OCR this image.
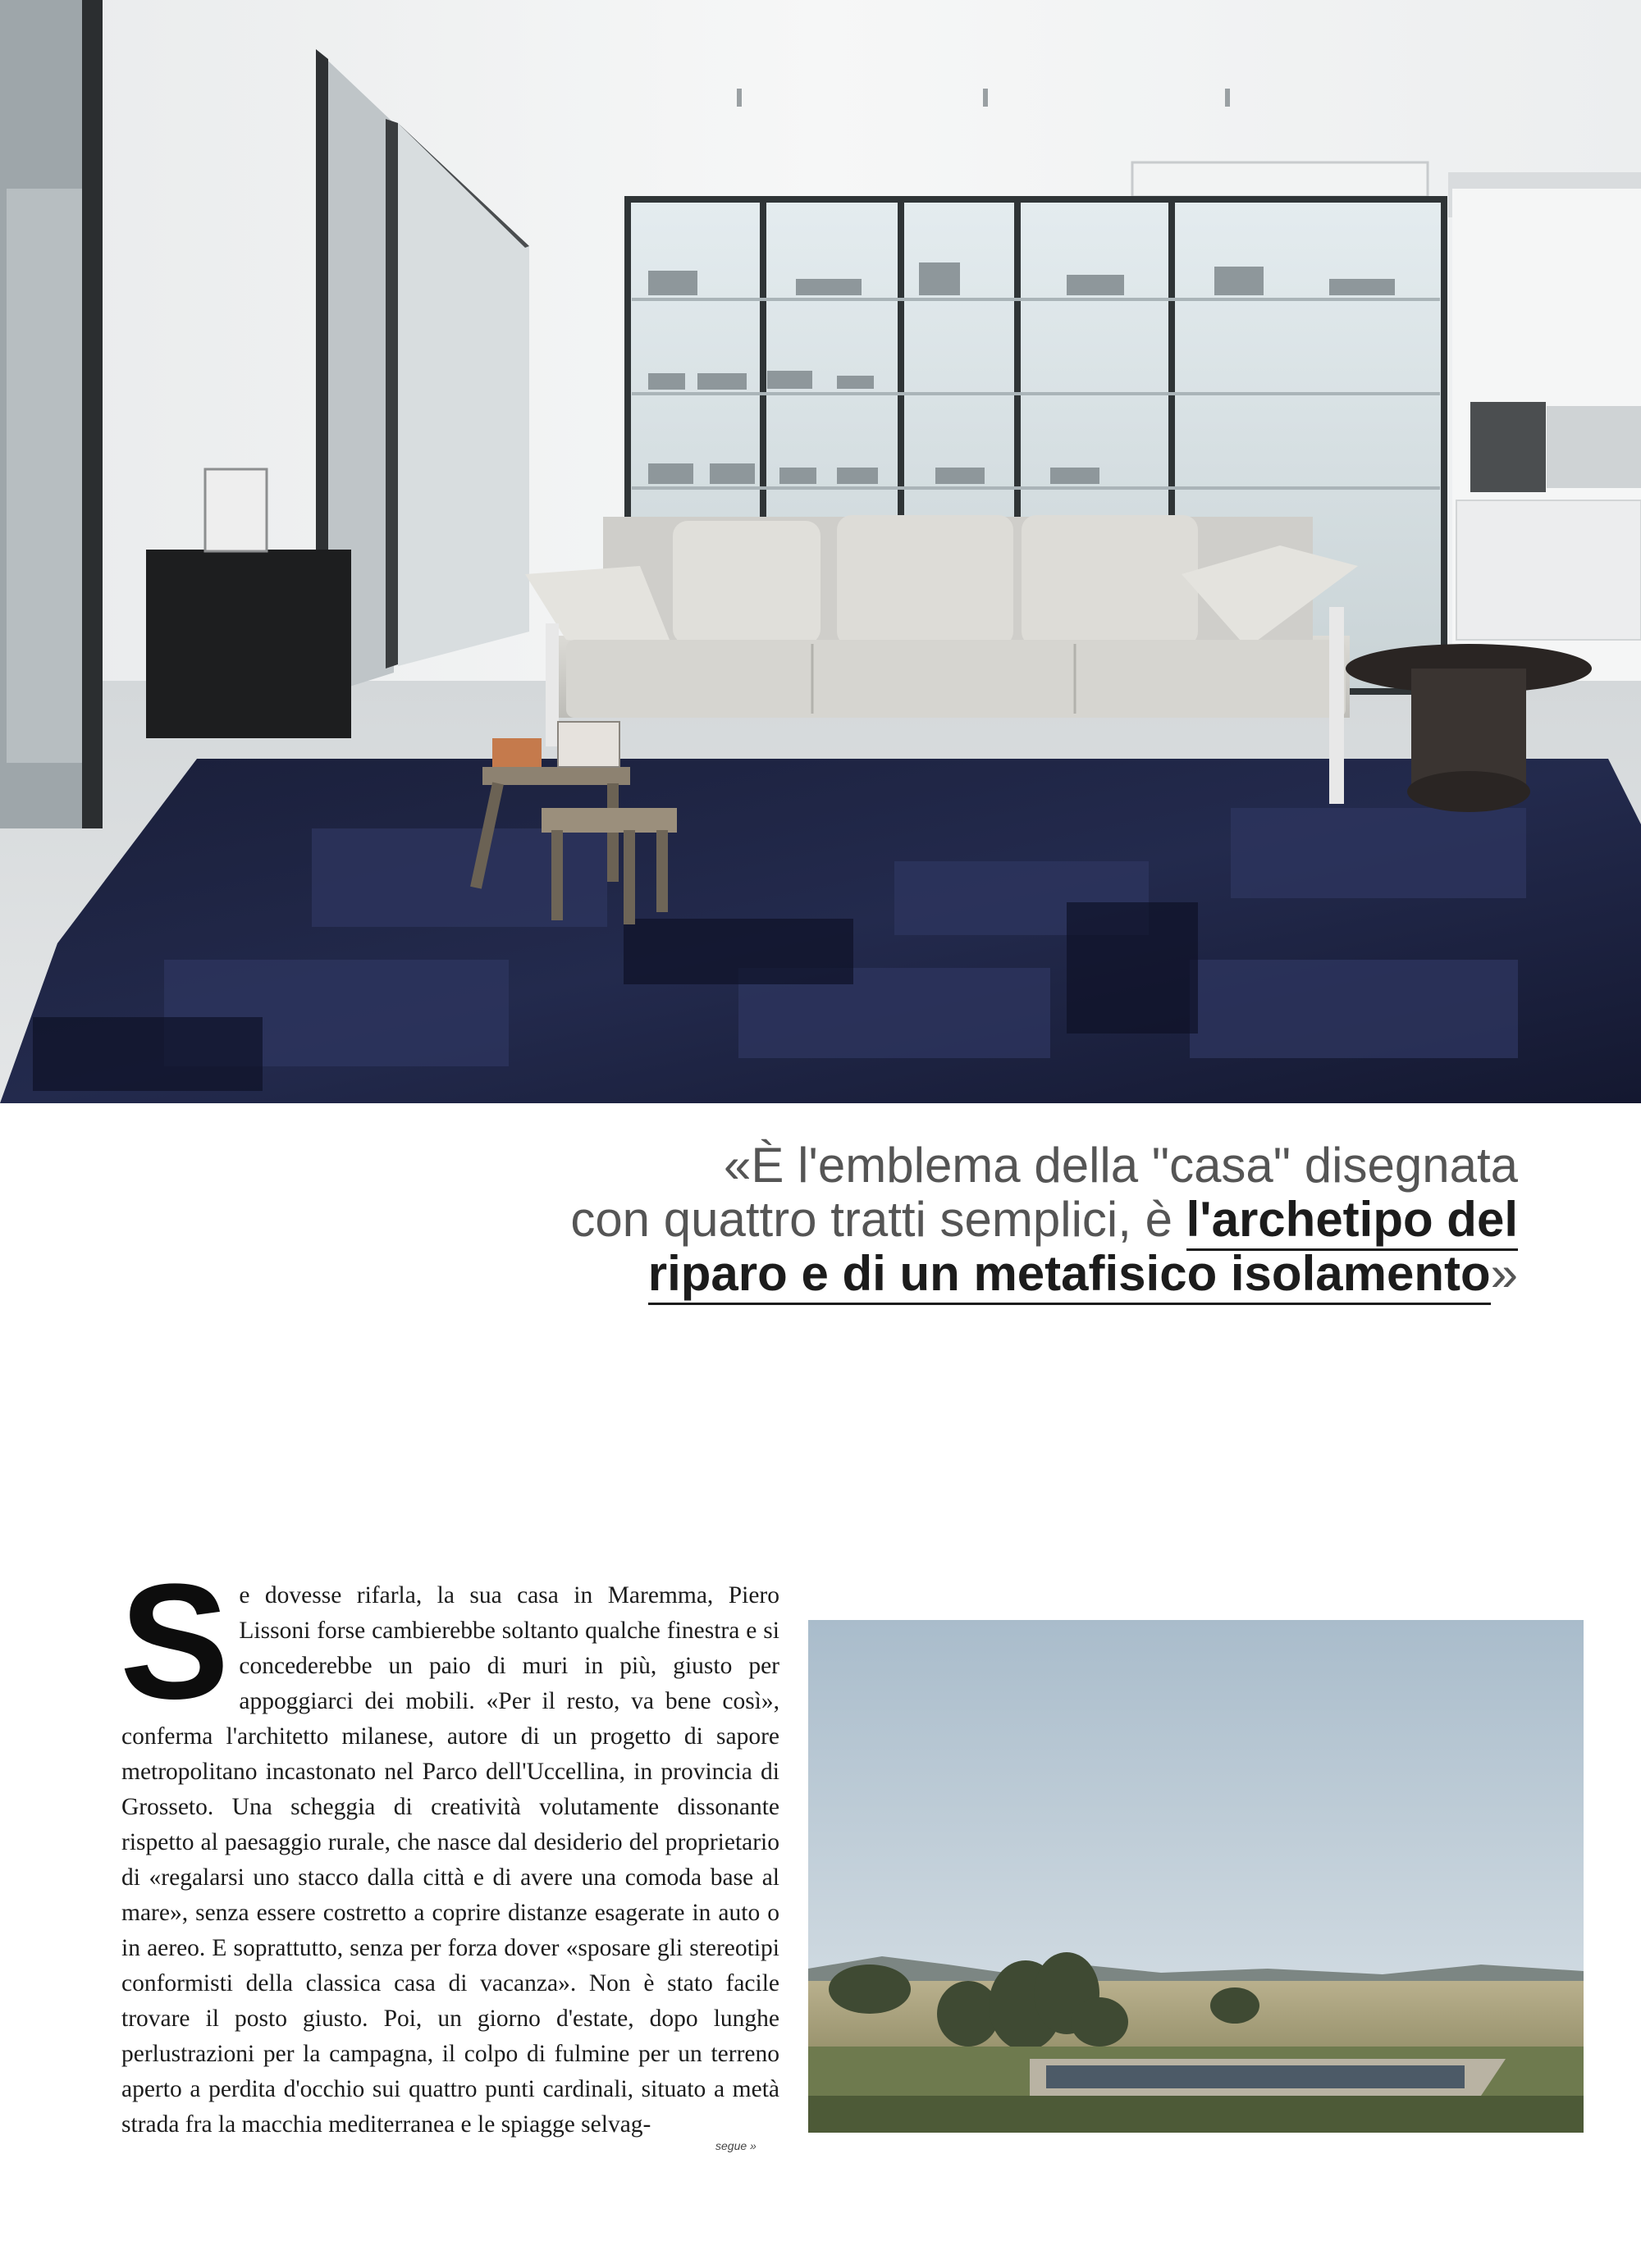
«È l'emblema della "casa" disegnata
con quattro tratti semplici, è l'archetipo del
riparo e di un metafisico isolamento»
S e dovesse rifarla, la sua casa in Maremma, Piero Lissoni forse cambierebbe soltanto qualche finestra e si concederebbe un paio di muri in più, giusto per appoggiarci dei mobili. «Per il resto, va bene così», conferma l'architetto milanese, autore di un progetto di sapore metropolitano incastonato nel Parco dell'Uccellina, in provincia di Grosseto. Una scheggia di creatività volutamente dissonante rispetto al paesaggio rurale, che nasce dal desiderio del proprietario di «regalarsi uno stacco dalla città e di avere una comoda base al mare», senza essere costretto a coprire distanze esagerate in auto o in aereo. E soprattutto, senza per forza dover «sposare gli stereotipi conformisti della classica casa di vacanza». Non è stato facile trovare il posto giusto. Poi, un giorno d'estate, dopo lunghe perlustrazioni per la campagna, il colpo di fulmine per un terreno aperto a perdita d'occhio sui quattro punti cardinali, situato a metà strada fra la macchia mediterranea e le spiagge selvag-

segue »
